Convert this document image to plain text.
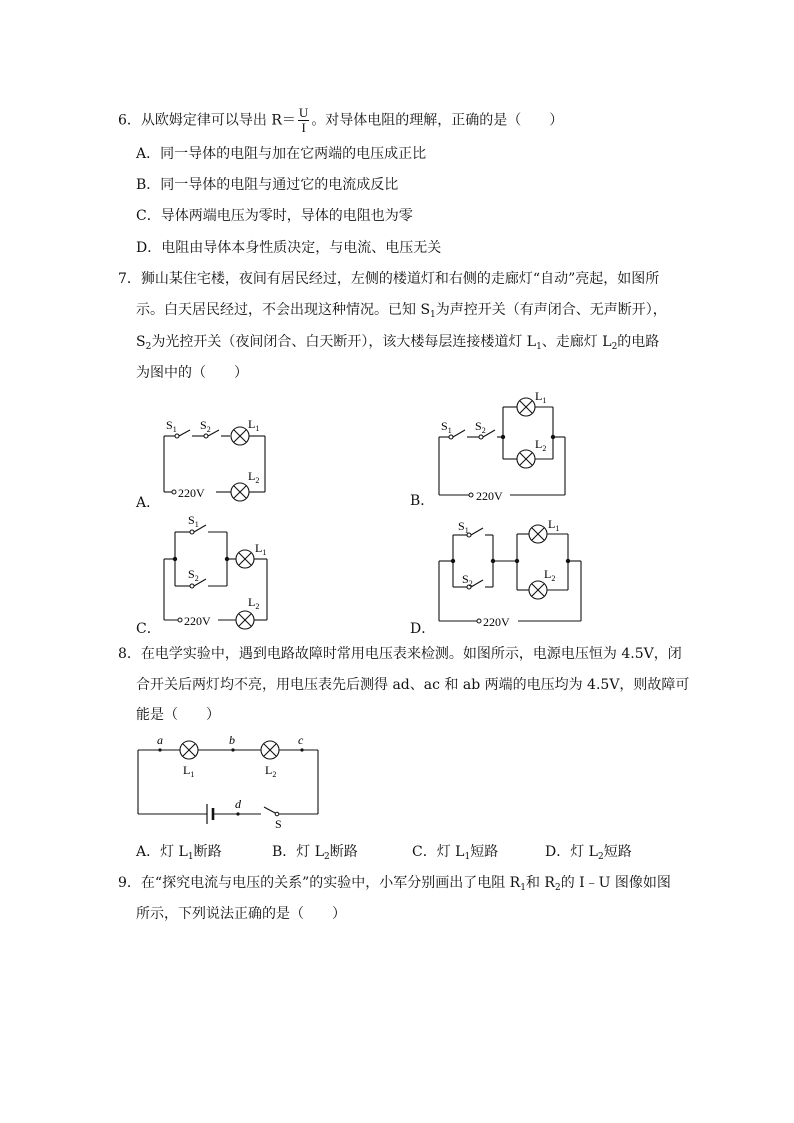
6．从欧姆定律可以导出 $R= \frac{U}{I}$ 。对导体电阻的理解，正确的是（　　）
A．同一导体的电阻与加在它两端的电压成正比
B．同一导体的电阻与通过它的电流成反比
C．导体两端电压为零时，导体的电阻也为零
D．电阻由导体本身性质决定，与电流、电压无关
7．狮山某住宅楼，夜间有居民经过，左侧的楼道灯和右侧的走廊灯“自动”亮起，如图所
示。白天居民经过，不会出现这种情况。已知 $S_1$为声控开关（有声闭合、无声断开），
$S_2$为光控开关（夜间闭合、白天断开），该大楼每层连接楼道灯 $L_1$、走廊灯 $L_2$的电路
为图中的（　　）
$S_1$ $S_2$	$L_1$
$L_2$
220V
A．
$S_1$ $S_2$
$L_1$
$L_2$
220V
B．
$S_1$
$S_2$
$L_1$
$L_2$
220V
C．
$S_1$
$S_2$
$L_1$
$L_2$
220V
D．
8．在电学实验中，遇到电路故障时常用电压表来检测。如图所示，电源电压恒为 4.5V，闭
合开关后两灯均不亮，用电压表先后测得 ad、ac 和 ab 两端的电压均为 4.5V，则故障可
能是（　　）
a	b	c
d
$L_1$	$L_2$
S
A．灯 $L_1$断路	B．灯 $L_2$断路	C．灯 $L_1$短路	D．灯 $L_2$短路
9．在“探究电流与电压的关系”的实验中，小军分别画出了电阻 $R_1$和 $R_2$的 I﹣U 图像如图
所示，下列说法正确的是（　　）
